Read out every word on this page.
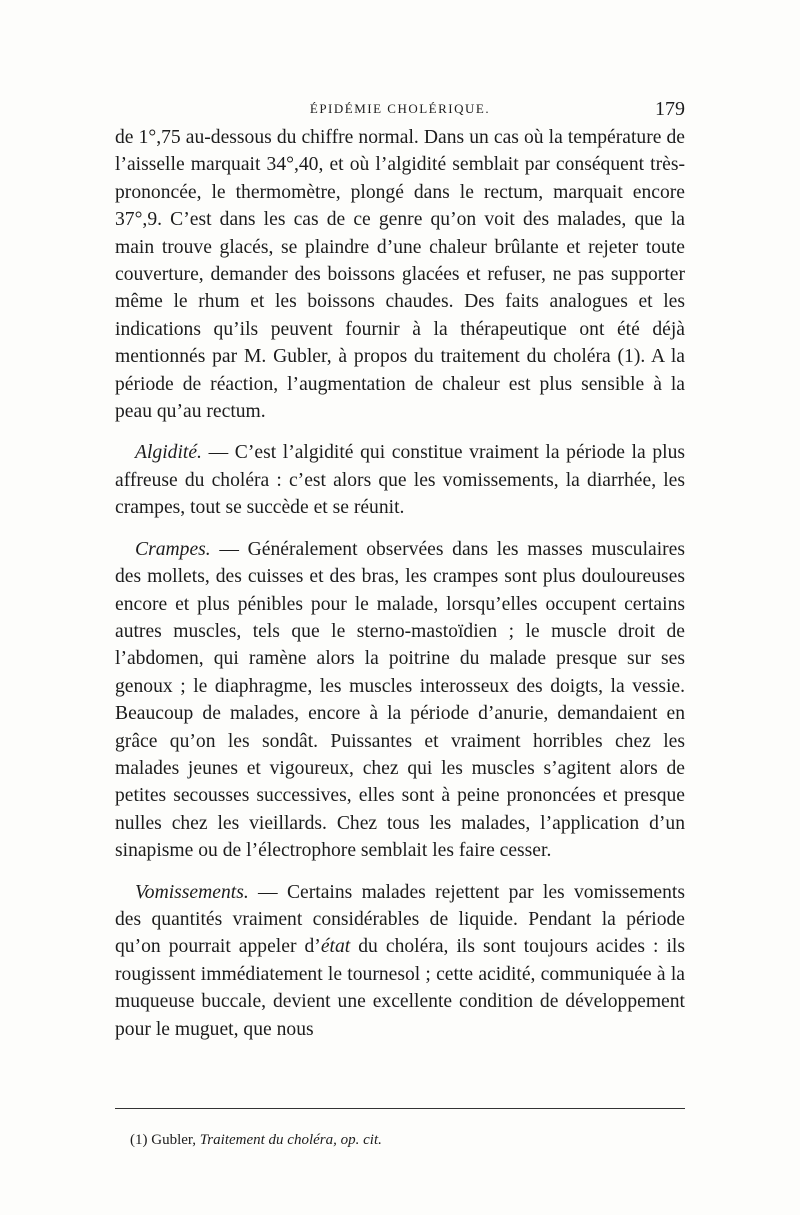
ÉPIDÉMIE CHOLÉRIQUE.	179

de 1°,75 au-dessous du chiffre normal. Dans un cas où la température de l’aisselle marquait 34°,40, et où l’algidité semblait par conséquent très-prononcée, le thermomètre, plongé dans le rectum, marquait encore 37°,9. C’est dans les cas de ce genre qu’on voit des malades, que la main trouve glacés, se plaindre d’une chaleur brûlante et rejeter toute couverture, demander des boissons glacées et refuser, ne pas supporter même le rhum et les boissons chaudes. Des faits analogues et les indications qu’ils peuvent fournir à la thérapeutique ont été déjà mentionnés par M. Gubler, à propos du traitement du choléra (1). A la période de réaction, l’augmentation de chaleur est plus sensible à la peau qu’au rectum.

Algidité. — C’est l’algidité qui constitue vraiment la période la plus affreuse du choléra : c’est alors que les vomissements, la diarrhée, les crampes, tout se succède et se réunit.

Crampes. — Généralement observées dans les masses musculaires des mollets, des cuisses et des bras, les crampes sont plus douloureuses encore et plus pénibles pour le malade, lorsqu’elles occupent certains autres muscles, tels que le sterno-mastoïdien ; le muscle droit de l’abdomen, qui ramène alors la poitrine du malade presque sur ses genoux ; le diaphragme, les muscles interosseux des doigts, la vessie. Beaucoup de malades, encore à la période d’anurie, demandaient en grâce qu’on les sondât. Puissantes et vraiment horribles chez les malades jeunes et vigoureux, chez qui les muscles s’agitent alors de petites secousses successives, elles sont à peine prononcées et presque nulles chez les vieillards. Chez tous les malades, l’application d’un sinapisme ou de l’électrophore semblait les faire cesser.

Vomissements. — Certains malades rejettent par les vomissements des quantités vraiment considérables de liquide. Pendant la période qu’on pourrait appeler d’état du choléra, ils sont toujours acides : ils rougissent immédiatement le tournesol ; cette acidité, communiquée à la muqueuse buccale, devient une excellente condition de développement pour le muguet, que nous

(1) Gubler, Traitement du choléra, op. cit.
